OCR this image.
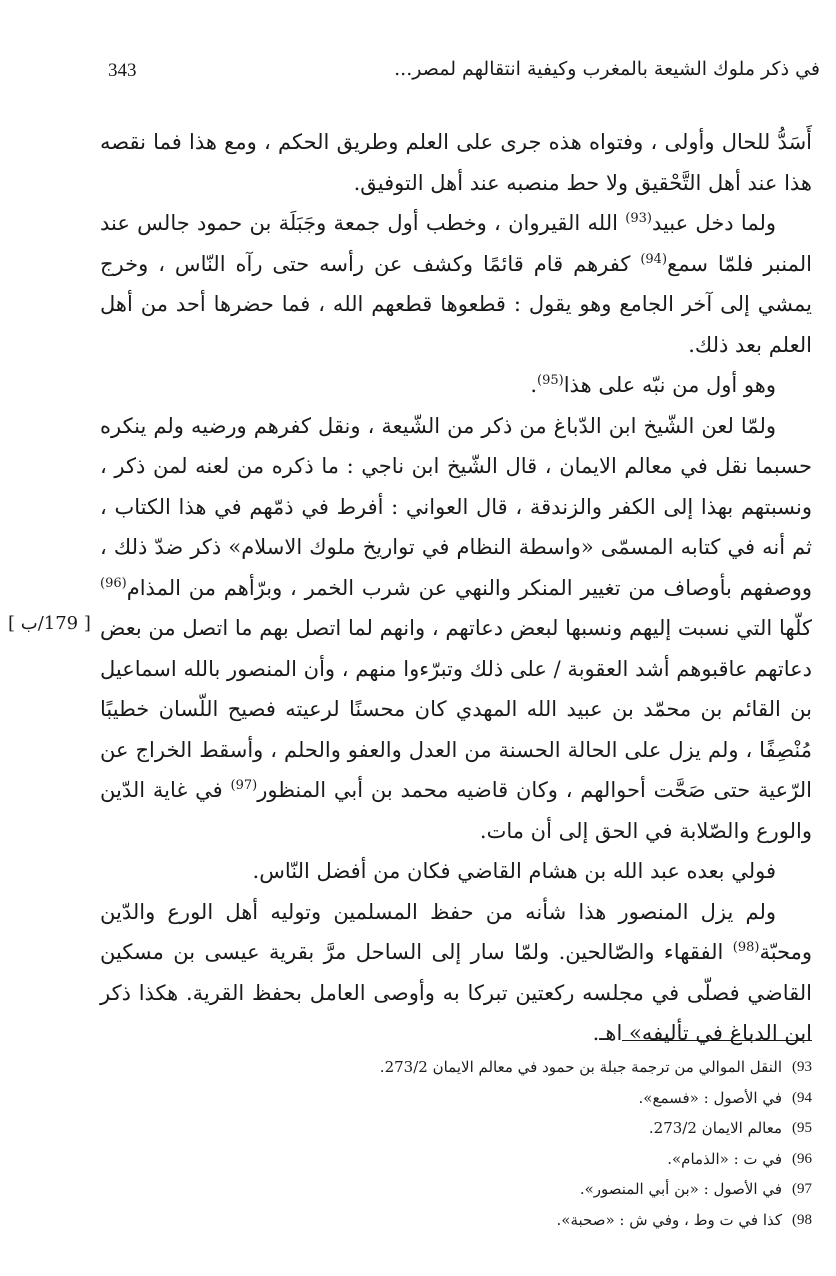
343	في ذكر ملوك الشيعة بالمغرب وكيفية انتقالهم لمصر...

أَسَدُّ للحال وأولى ، وفتواه هذه جرى على العلم وطريق الحكم ، ومع هذا فما نقصه هذا عند أهل التَّحْقيق ولا حط منصبه عند أهل التوفيق.

ولما دخل عبيد$^{(93)}$ الله القيروان ، وخطب أول جمعة وجَبَلَة بن حمود جالس عند المنبر فلمّا سمع$^{(94)}$ كفرهم قام قائمًا وكشف عن رأسه حتى رآه النّاس ، وخرج يمشي إلى آخر الجامع وهو يقول : قطعوها قطعهم الله ، فما حضرها أحد من أهل العلم بعد ذلك.

وهو أول من نبّه على هذا$^{(95)}$.

ولمّا لعن الشّيخ ابن الدّباغ من ذكر من الشّيعة ، ونقل كفرهم ورضيه ولم ينكره حسبما نقل في معالم الايمان ، قال الشّيخ ابن ناجي : ما ذكره من لعنه لمن ذكر ، ونسبتهم بهذا إلى الكفر والزندقة ، قال العواني : أفرط في ذمّهم في هذا الكتاب ، ثم أنه في كتابه المسمّى «واسطة النظام في تواريخ ملوك الاسلام» ذكر ضدّ ذلك ، ووصفهم بأوصاف من تغيير المنكر والنهي عن شرب الخمر ، وبرّأهم من المذام$^{(96)}$ كلّها التي نسبت إليهم ونسبها لبعض دعاتهم ، وانهم لما اتصل بهم ما اتصل من بعض دعاتهم عاقبوهم أشد العقوبة / على ذلك وتبرّءوا منهم ، وأن المنصور بالله اسماعيل بن القائم بن محمّد بن عبيد الله المهدي كان محسنًا لرعيته فصيح اللّسان خطيبًا مُنْصِفًا ، ولم يزل على الحالة الحسنة من العدل والعفو والحلم ، وأسقط الخراج عن الرّعية حتى صَحَّت أحوالهم ، وكان قاضيه محمد بن أبي المنظور$^{(97)}$ في غاية الدّين والورع والصّلابة في الحق إلى أن مات.

فولي بعده عبد الله بن هشام القاضي فكان من أفضل النّاس.

ولم يزل المنصور هذا شأنه من حفظ المسلمين وتوليه أهل الورع والدّين ومحبّة$^{(98)}$ الفقهاء والصّالحين. ولمّا سار إلى الساحل مرَّ بقرية عيسى بن مسكين القاضي فصلّى في مجلسه ركعتين تبركا به وأوصى العامل بحفظ القرية. هكذا ذكر ابن الدباغ في تأليفه» اهـ.

[ 179/ب ]
93)
النقل الموالي من ترجمة جبلة بن حمود في معالم الايمان 273/2.
94)
في الأصول : «فسمع».
95)
معالم الايمان 273/2.
96)
في ت : «الذمام».
97)
في الأصول : «بن أبي المنصور».
98)
كذا في ت وط ، وفي ش : «صحبة».
